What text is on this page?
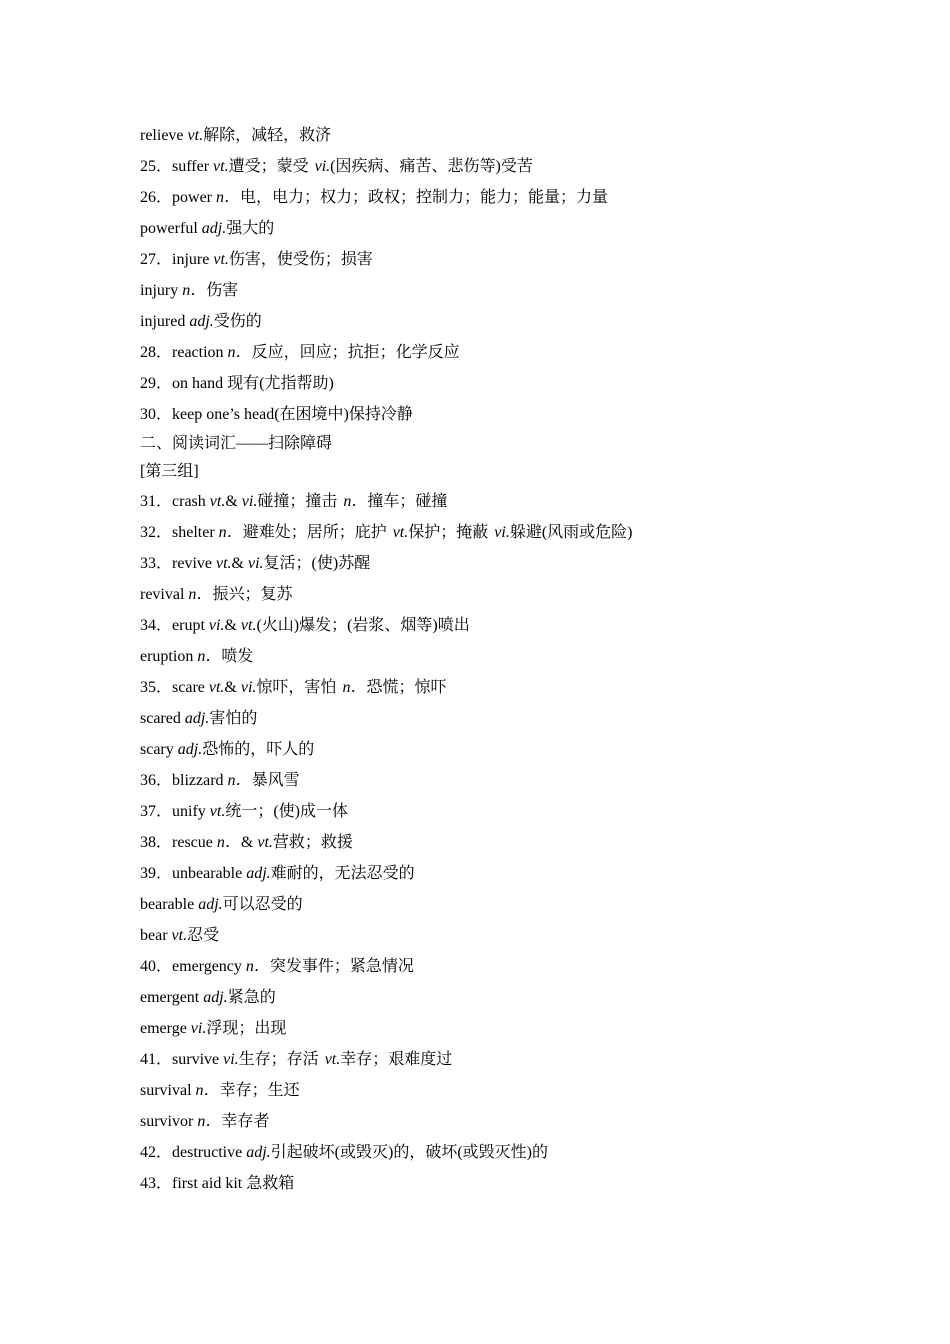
relieve vt.解除，减轻，救济
25．suffer vt.遭受；蒙受 vi.(因疾病、痛苦、悲伤等)受苦
26．power n．电，电力；权力；政权；控制力；能力；能量；力量
powerful adj.强大的
27．injure vt.伤害，使受伤；损害
injury n．伤害
injured adj.受伤的
28．reaction n．反应，回应；抗拒；化学反应
29．on hand 现有(尤指帮助)
30．keep one’s head(在困境中)保持冷静
二、阅读词汇——扫除障碍
[第三组]
31．crash vt.& vi.碰撞；撞击 n．撞车；碰撞
32．shelter n．避难处；居所；庇护 vt.保护；掩蔽 vi.躲避(风雨或危险)
33．revive vt.& vi.复活；(使)苏醒
revival n．振兴；复苏
34．erupt vi.& vt.(火山)爆发；(岩浆、烟等)喷出
eruption n．喷发
35．scare vt.& vi.惊吓，害怕 n．恐慌；惊吓
scared adj.害怕的
scary adj.恐怖的，吓人的
36．blizzard n．暴风雪
37．unify vt.统一；(使)成一体
38．rescue n．& vt.营救；救援
39．unbearable adj.难耐的，无法忍受的
bearable adj.可以忍受的
bear vt.忍受
40．emergency n．突发事件；紧急情况
emergent adj.紧急的
emerge vi.浮现；出现
41．survive vi.生存；存活 vt.幸存；艰难度过
survival n．幸存；生还
survivor n．幸存者
42．destructive adj.引起破坏(或毁灭)的，破坏(或毁灭性)的
43．first aid kit 急救箱
